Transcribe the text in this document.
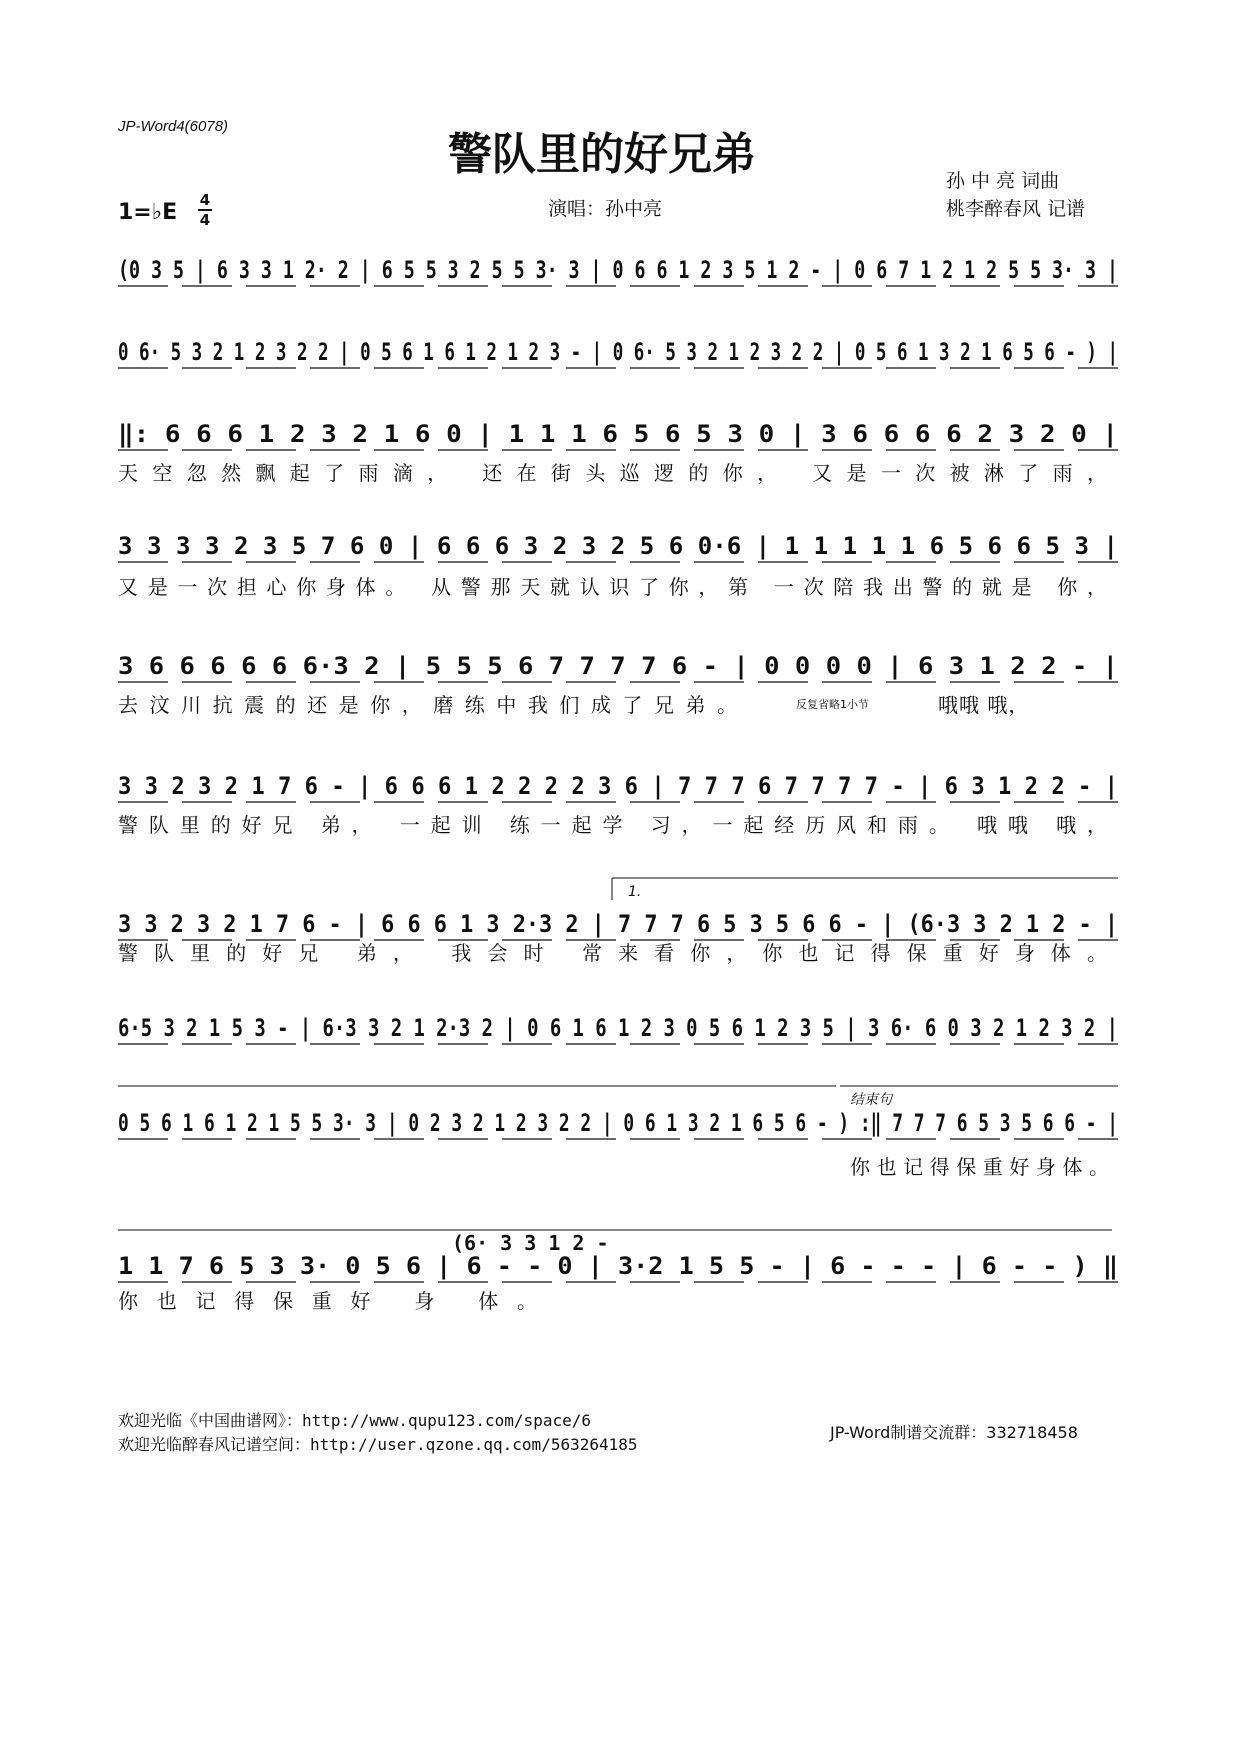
JP-Word4(6078)
警队里的好兄弟
孙 中 亮 词曲
桃李醉春风 记谱
演唱：孙中亮
1=♭E 4
4
(0 3 5 | 6 3 3 1 2· 2 | 6 5 5 3 2 5 5 3· 3 | 0 6 6 1 2 3 5 1 2 - | 0 6 7 1 2 1 2 5 5 3· 3 |
0 6· 5 3 2 1 2 3 2 2 | 0 5 6 1 6 1 2 1 2 3 - | 0 6· 5 3 2 1 2 3 2 2 | 0 5 6 1 3 2 1 6 5 6 - ) |
‖: 6 6 6 1 2 3 2 1 6 0 | 1 1 1 6 5 6 5 3 0 | 3 6 6 6 6 2 3 2 0 |
天空忽然飘起了雨滴， 还在街头巡逻的你， 又是一次被淋了雨，
3 3 3 3 2 3 5 7 6 0 | 6 6 6 3 2 3 2 5 6 0·6 | 1 1 1 1 1 6 5 6 6 5 3 |
又是一次担心你身体。 从警那天就认识了你，第 一次陪我出警的就是 你，
3 6 6 6 6 6 6·3 2 | 5 5 5 6 7 7 7 7 6 - | 0 0 0 0 | 6 3 1 2 2 - |
去汶川抗震的还是你，磨练中我们成了兄弟。	哦哦 哦，
3 3 2 3 2 1 7 6 - | 6 6 6 1 2 2 2 2 3 6 | 7 7 7 6 7 7 7 7 - | 6 3 1 2 2 - |
警队里的好兄 弟， 一起训 练一起学 习，一起经历风和雨。 哦哦 哦，
3 3 2 3 2 1 7 6 - | 6 6 6 1 3 2·3 2 | 7 7 7 6 5 3 5 6 6 - | (6·3 3 2 1 2 - |
警队里的好兄 弟， 我会时 常来看你，你也记得保重好身体。
6·5 3 2 1 5 3 - | 6·3 3 2 1 2·3 2 | 0 6 1 6 1 2 3 0 5 6 1 2 3 5 | 3 6· 6 0 3 2 1 2 3 2 |
0 5 6 1 6 1 2 1 5 5 3· 3 | 0 2 3 2 1 2 3 2 2 | 0 6 1 3 2 1 6 5 6 - ) :‖ 7 7 7 6 5 3 5 6 6 - |
你也记得保重好身体。
1 1 7 6 5 3 3· 0 5 6 | 6 - - 0 | 3·2 1 5 5 - | 6 - - - | 6 - - ) ‖
你也记得保重好 身 体。
1.
结束句
反复省略1小节
(6· 3 3 1 2 -
欢迎光临《中国曲谱网》：http://www.qupu123.com/space/6
欢迎光临醉春风记谱空间：http://user.qzone.qq.com/563264185
JP-Word制谱交流群：332718458
